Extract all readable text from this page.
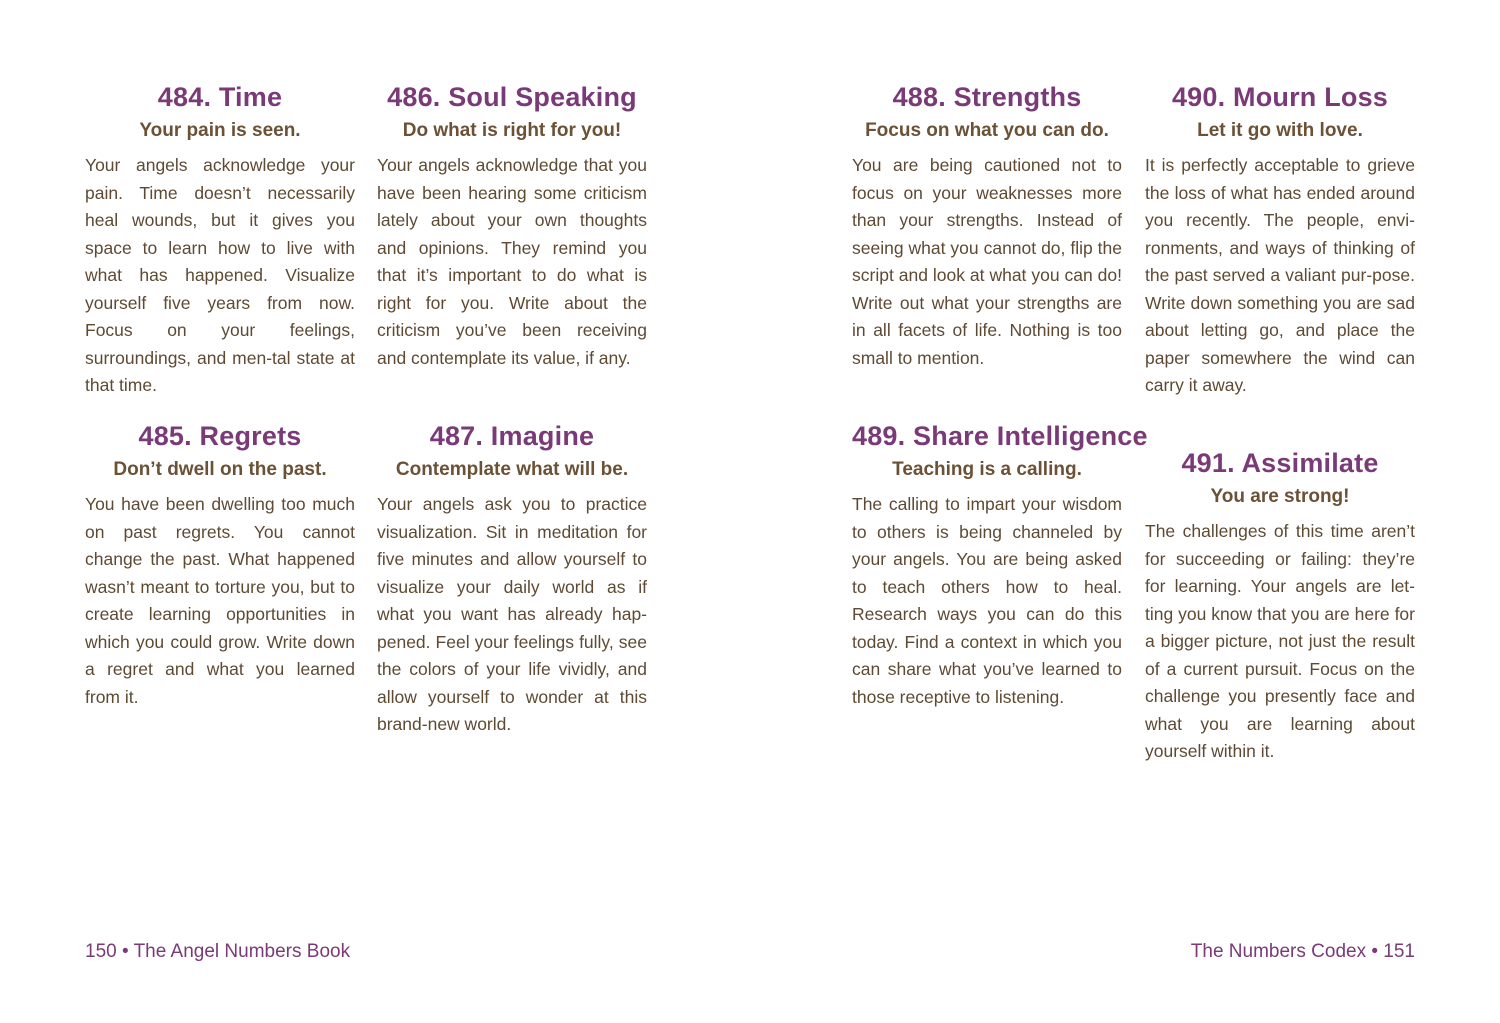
484. Time
Your pain is seen.

Your angels acknowledge your pain. Time doesn’t necessarily heal wounds, but it gives you space to learn how to live with what has happened. Visualize yourself five years from now. Focus on your feelings, surroundings, and men-tal state at that time.

485. Regrets
Don’t dwell on the past.

You have been dwelling too much on past regrets. You cannot change the past. What happened wasn’t meant to torture you, but to create learning opportunities in which you could grow. Write down a regret and what you learned from it.

486. Soul Speaking
Do what is right for you!

Your angels acknowledge that you have been hearing some criticism lately about your own thoughts and opinions. They remind you that it’s important to do what is right for you. Write about the criticism you’ve been receiving and contemplate its value, if any.

487. Imagine
Contemplate what will be.

Your angels ask you to practice visualization. Sit in meditation for five minutes and allow yourself to visualize your daily world as if what you want has already hap-pened. Feel your feelings fully, see the colors of your life vividly, and allow yourself to wonder at this brand-new world.

488. Strengths
Focus on what you can do.

You are being cautioned not to focus on your weaknesses more than your strengths. Instead of seeing what you cannot do, flip the script and look at what you can do! Write out what your strengths are in all facets of life. Nothing is too small to mention.

489. Share Intelligence
Teaching is a calling.

The calling to impart your wisdom to others is being channeled by your angels. You are being asked to teach others how to heal. Research ways you can do this today. Find a context in which you can share what you’ve learned to those receptive to listening.

490. Mourn Loss
Let it go with love.

It is perfectly acceptable to grieve the loss of what has ended around you recently. The people, envi-ronments, and ways of thinking of the past served a valiant pur-pose. Write down something you are sad about letting go, and place the paper somewhere the wind can carry it away.

491. Assimilate
You are strong!

The challenges of this time aren’t for succeeding or failing: they’re for learning. Your angels are let-ting you know that you are here for a bigger picture, not just the result of a current pursuit. Focus on the challenge you presently face and what you are learning about yourself within it.

150 • The Angel Numbers Book	The Numbers Codex • 151
